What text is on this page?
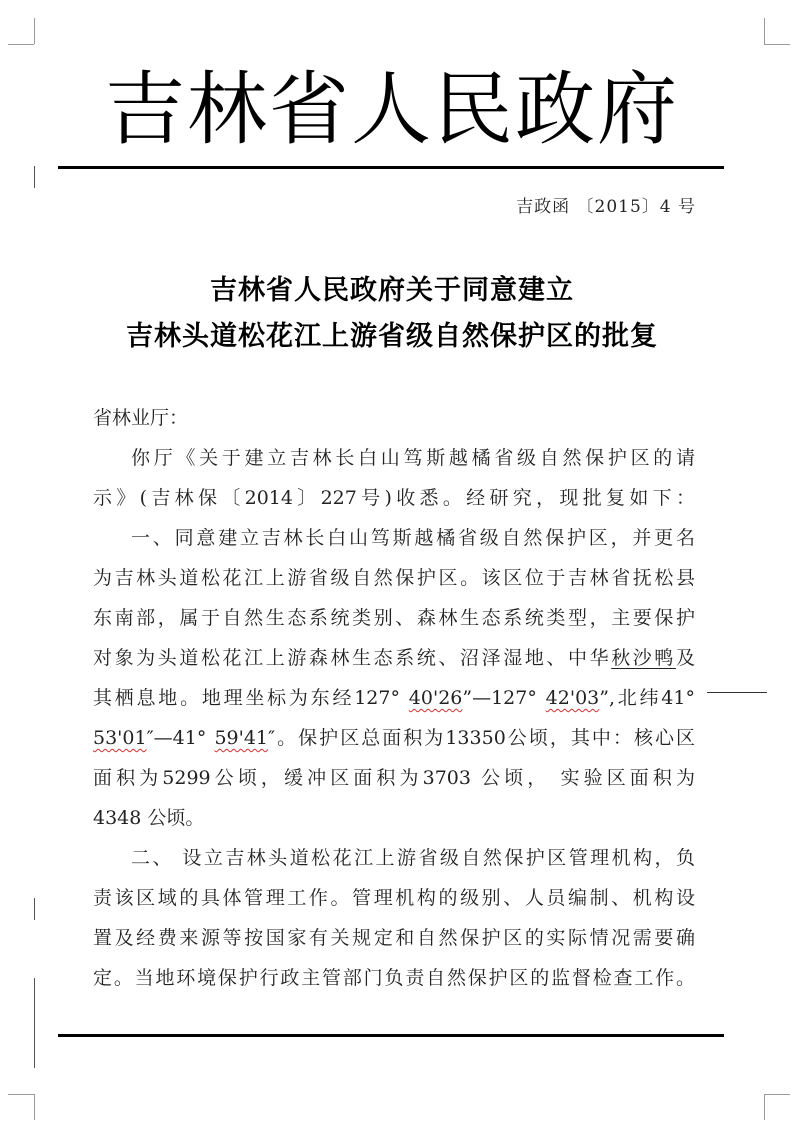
吉林省人民政府
吉政函 〔2015〕4 号
吉林省人民政府关于同意建立
吉林头道松花江上游省级自然保护区的批复
省林业厅：
你厅《关于建立吉林长白山笃斯越橘省级自然保护区的请
示》(吉林保〔2014〕227号)收悉。经研究，现批复如下：
一、同意建立吉林长白山笃斯越橘省级自然保护区，并更名
为吉林头道松花江上游省级自然保护区。该区位于吉林省抚松县
东南部，属于自然生态系统类别、森林生态系统类型，主要保护
对象为头道松花江上游森林生态系统、沼泽湿地、中华秋沙鸭及
其栖息地。地理坐标为东经127° 40'26”—127° 42'03”,北纬41°
53'01″—41° 59'41″。保护区总面积为13350公顷，其中：核心区
面积为5299公顷，缓冲区面积为3703 公顷， 实验区面积为
4348 公顷。
二、 设立吉林头道松花江上游省级自然保护区管理机构，负
责该区域的具体管理工作。管理机构的级别、人员编制、机构设
置及经费来源等按国家有关规定和自然保护区的实际情况需要确
定。当地环境保护行政主管部门负责自然保护区的监督检查工作。
